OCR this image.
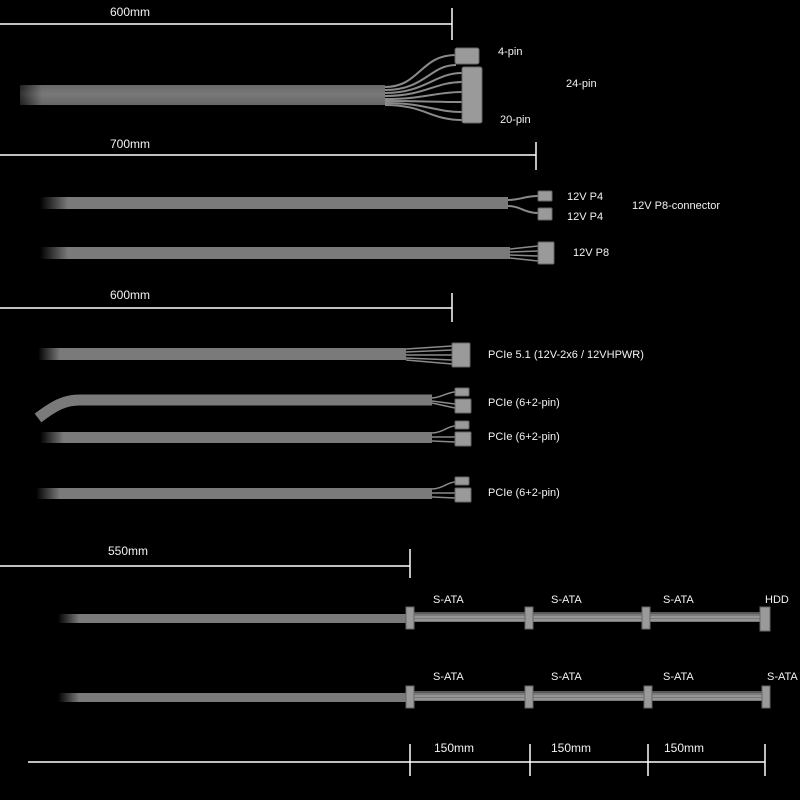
600mm
4-pin
24-pin
20-pin
700mm
12V P4
12V P4
12V P8-connector
12V P8
600mm
PCIe 5.1 (12V-2x6 / 12VHPWR)
PCIe (6+2-pin)
PCIe (6+2-pin)
PCIe (6+2-pin)
550mm
S-ATA	S-ATA	S-ATA	HDD
S-ATA	S-ATA	S-ATA	S-ATA
150mm	150mm	150mm
